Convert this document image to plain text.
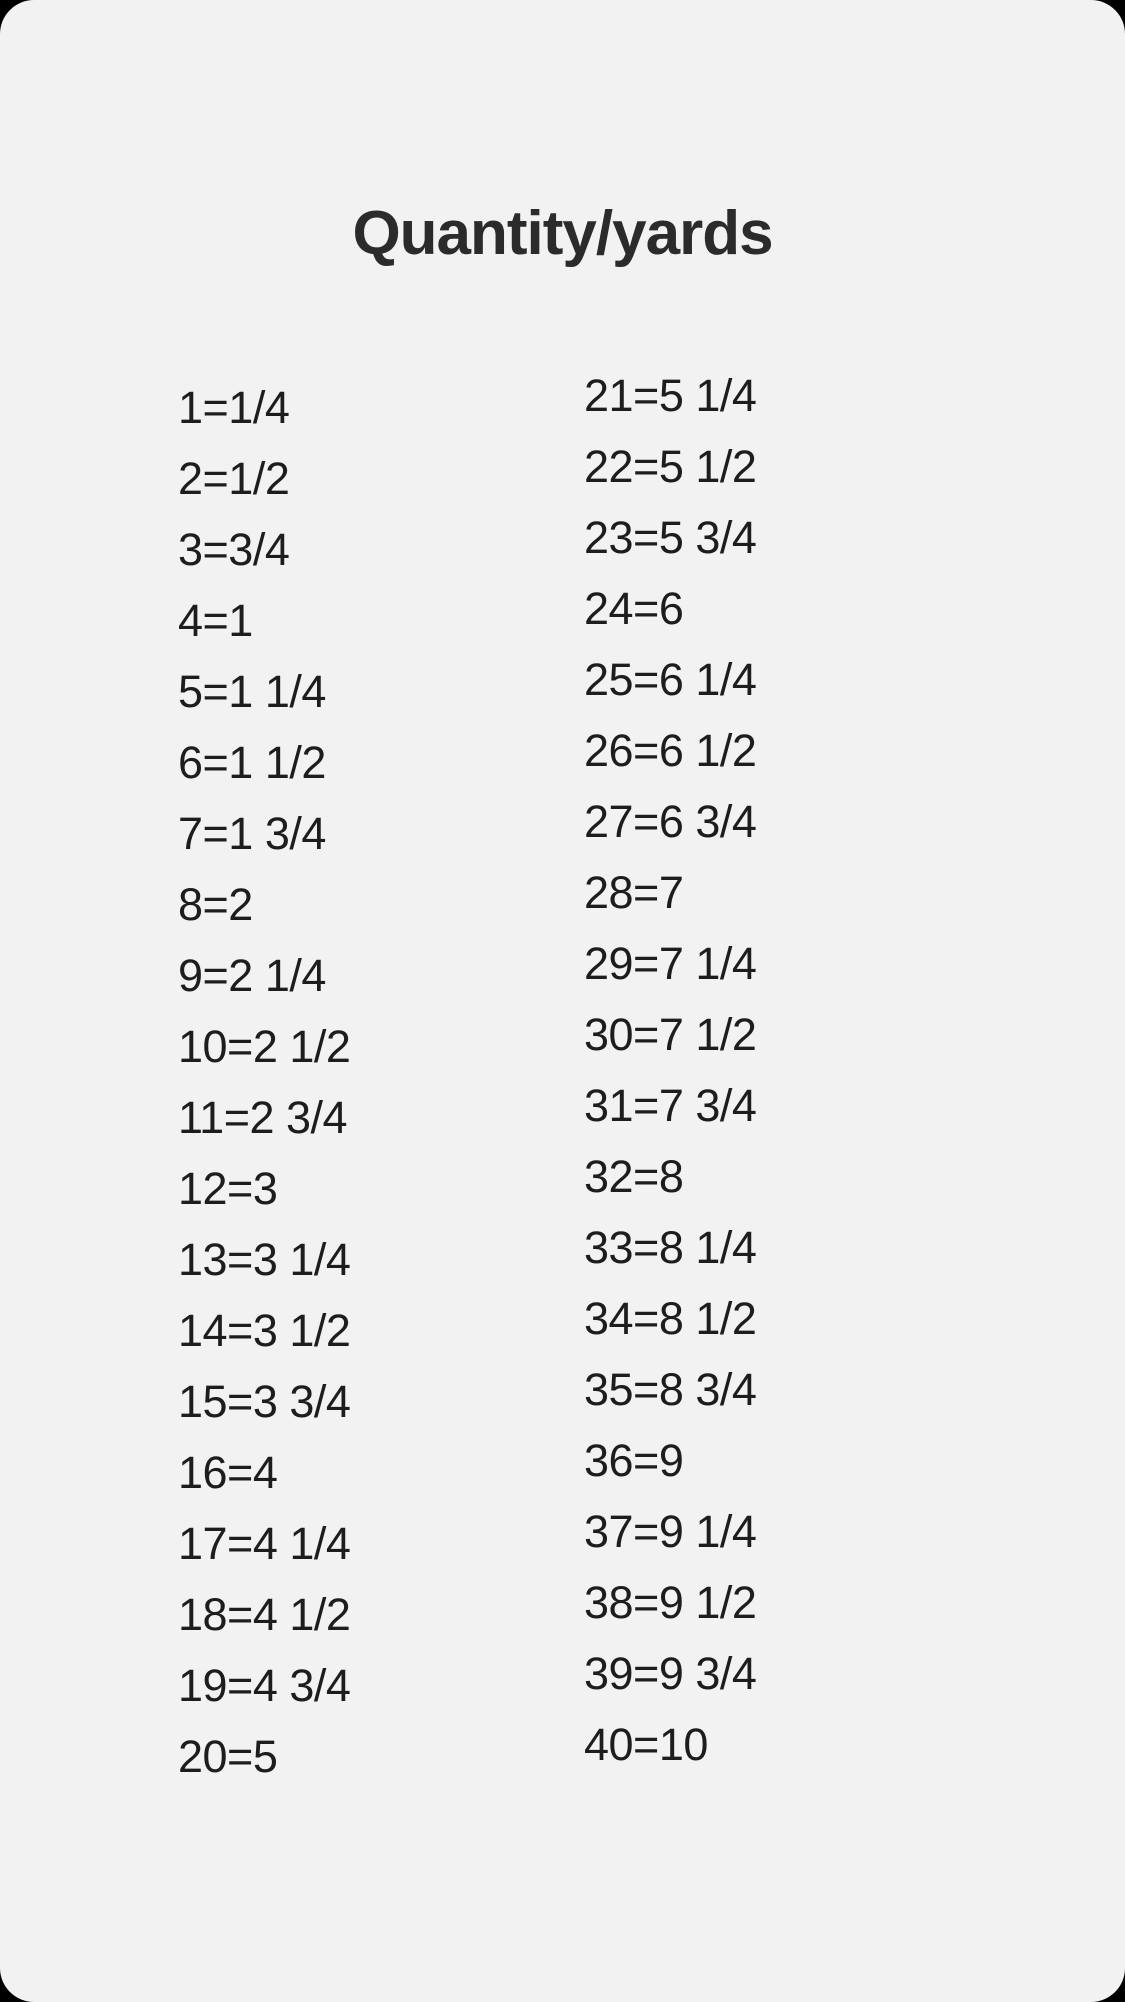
Quantity/yards
1=1/4
2=1/2
3=3/4
4=1
5=1 1/4
6=1 1/2
7=1 3/4
8=2
9=2 1/4
10=2 1/2
11=2 3/4
12=3
13=3 1/4
14=3 1/2
15=3 3/4
16=4
17=4 1/4
18=4 1/2
19=4 3/4
20=5
21=5 1/4
22=5 1/2
23=5 3/4
24=6
25=6 1/4
26=6 1/2
27=6 3/4
28=7
29=7 1/4
30=7 1/2
31=7 3/4
32=8
33=8 1/4
34=8 1/2
35=8 3/4
36=9
37=9 1/4
38=9 1/2
39=9 3/4
40=10
